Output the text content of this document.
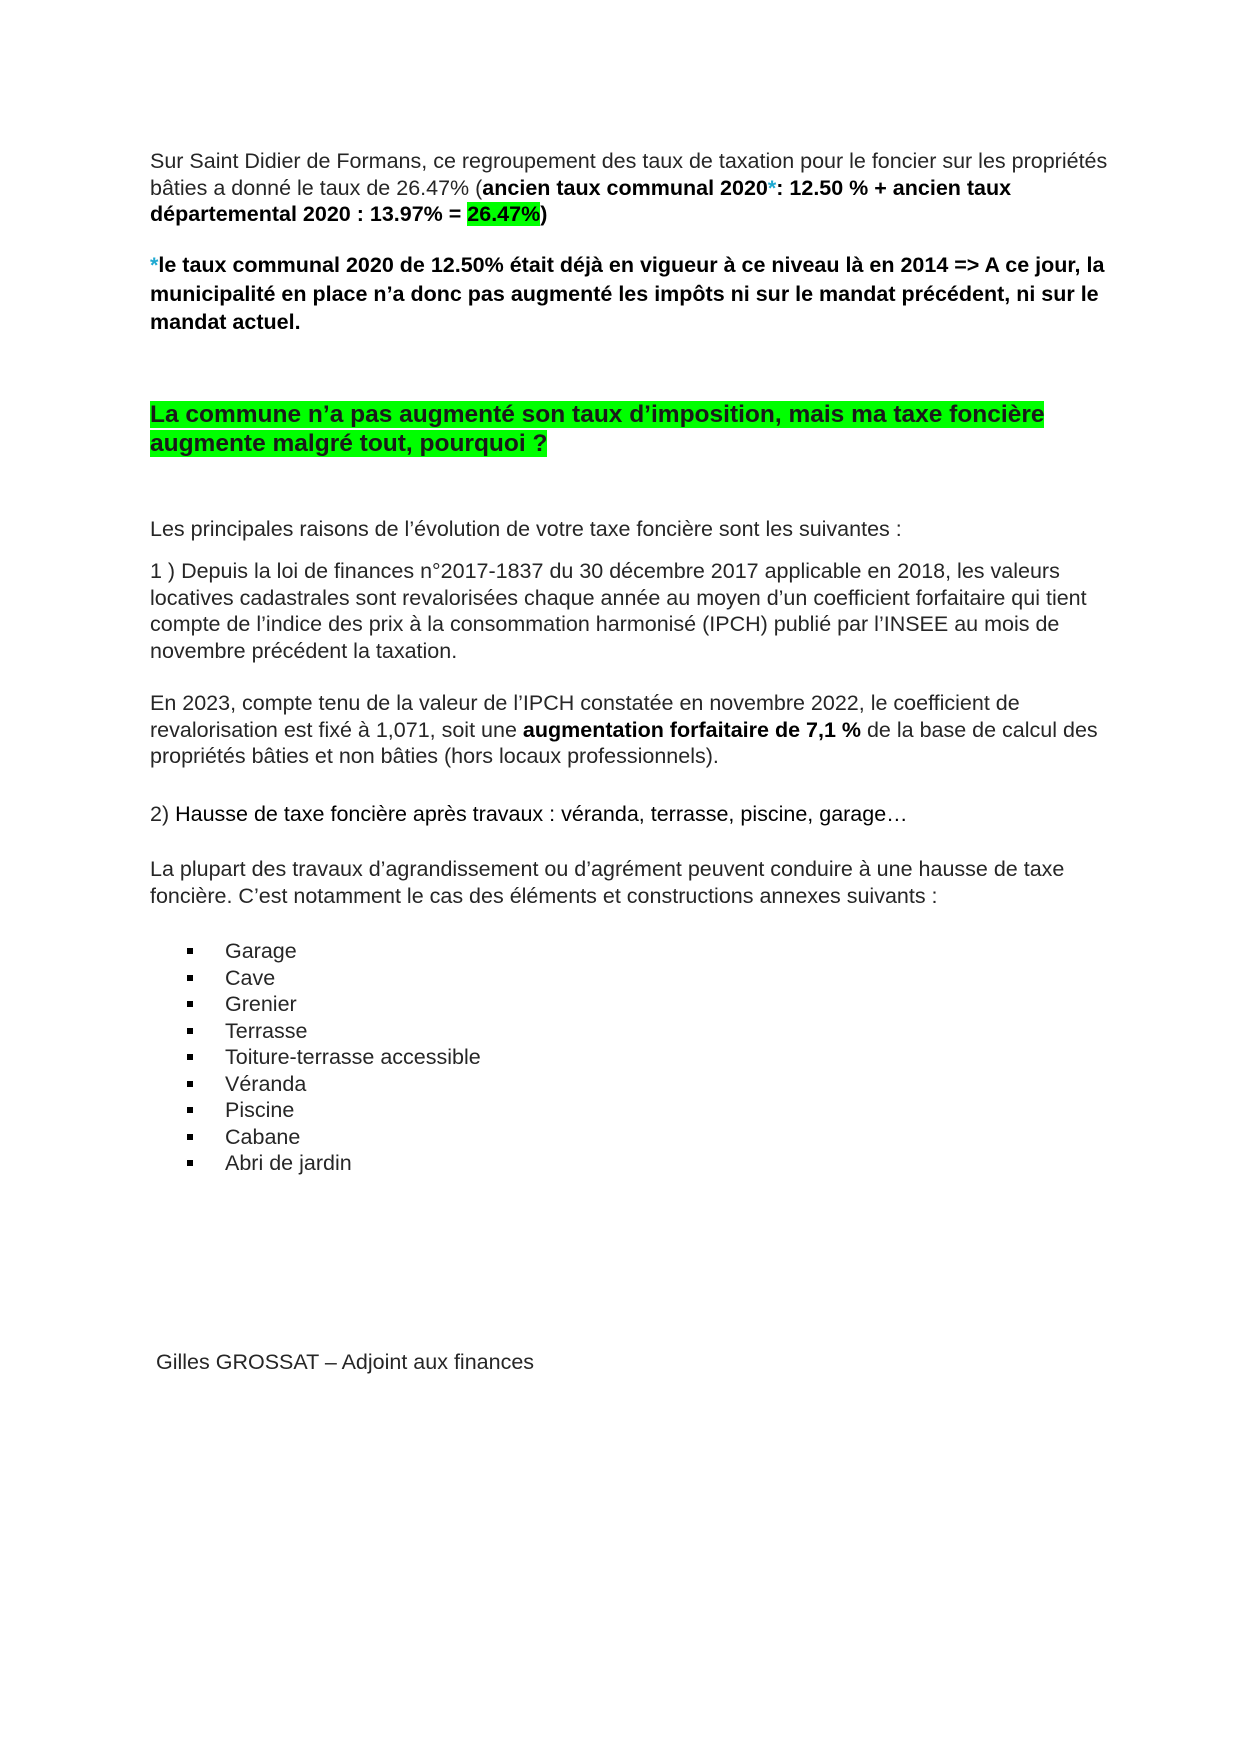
Sur Saint Didier de Formans, ce regroupement des taux de taxation pour le foncier sur les propriétés bâties a donné le taux de 26.47% (ancien taux communal 2020*: 12.50 % + ancien taux départemental 2020 : 13.97% = 26.47%)

*le taux communal 2020 de 12.50% était déjà en vigueur à ce niveau là en 2014 => A ce jour, la municipalité en place n’a donc pas augmenté les impôts ni sur le mandat précédent, ni sur le mandat actuel.

La commune n’a pas augmenté son taux d’imposition, mais ma taxe foncière augmente malgré tout, pourquoi ?

Les principales raisons de l’évolution de votre taxe foncière sont les suivantes :

1 ) Depuis la loi de finances n°2017-1837 du 30 décembre 2017 applicable en 2018, les valeurs locatives cadastrales sont revalorisées chaque année au moyen d’un coefficient forfaitaire qui tient compte de l’indice des prix à la consommation harmonisé (IPCH) publié par l’INSEE au mois de novembre précédent la taxation.

En 2023, compte tenu de la valeur de l’IPCH constatée en novembre 2022, le coefficient de revalorisation est fixé à 1,071, soit une augmentation forfaitaire de 7,1 % de la base de calcul des propriétés bâties et non bâties (hors locaux professionnels).

2) Hausse de taxe foncière après travaux : véranda, terrasse, piscine, garage…

La plupart des travaux d’agrandissement ou d’agrément peuvent conduire à une hausse de taxe foncière. C’est notamment le cas des éléments et constructions annexes suivants :

Garage
Cave
Grenier
Terrasse
Toiture-terrasse accessible
Véranda
Piscine
Cabane
Abri de jardin

Gilles GROSSAT – Adjoint aux finances
